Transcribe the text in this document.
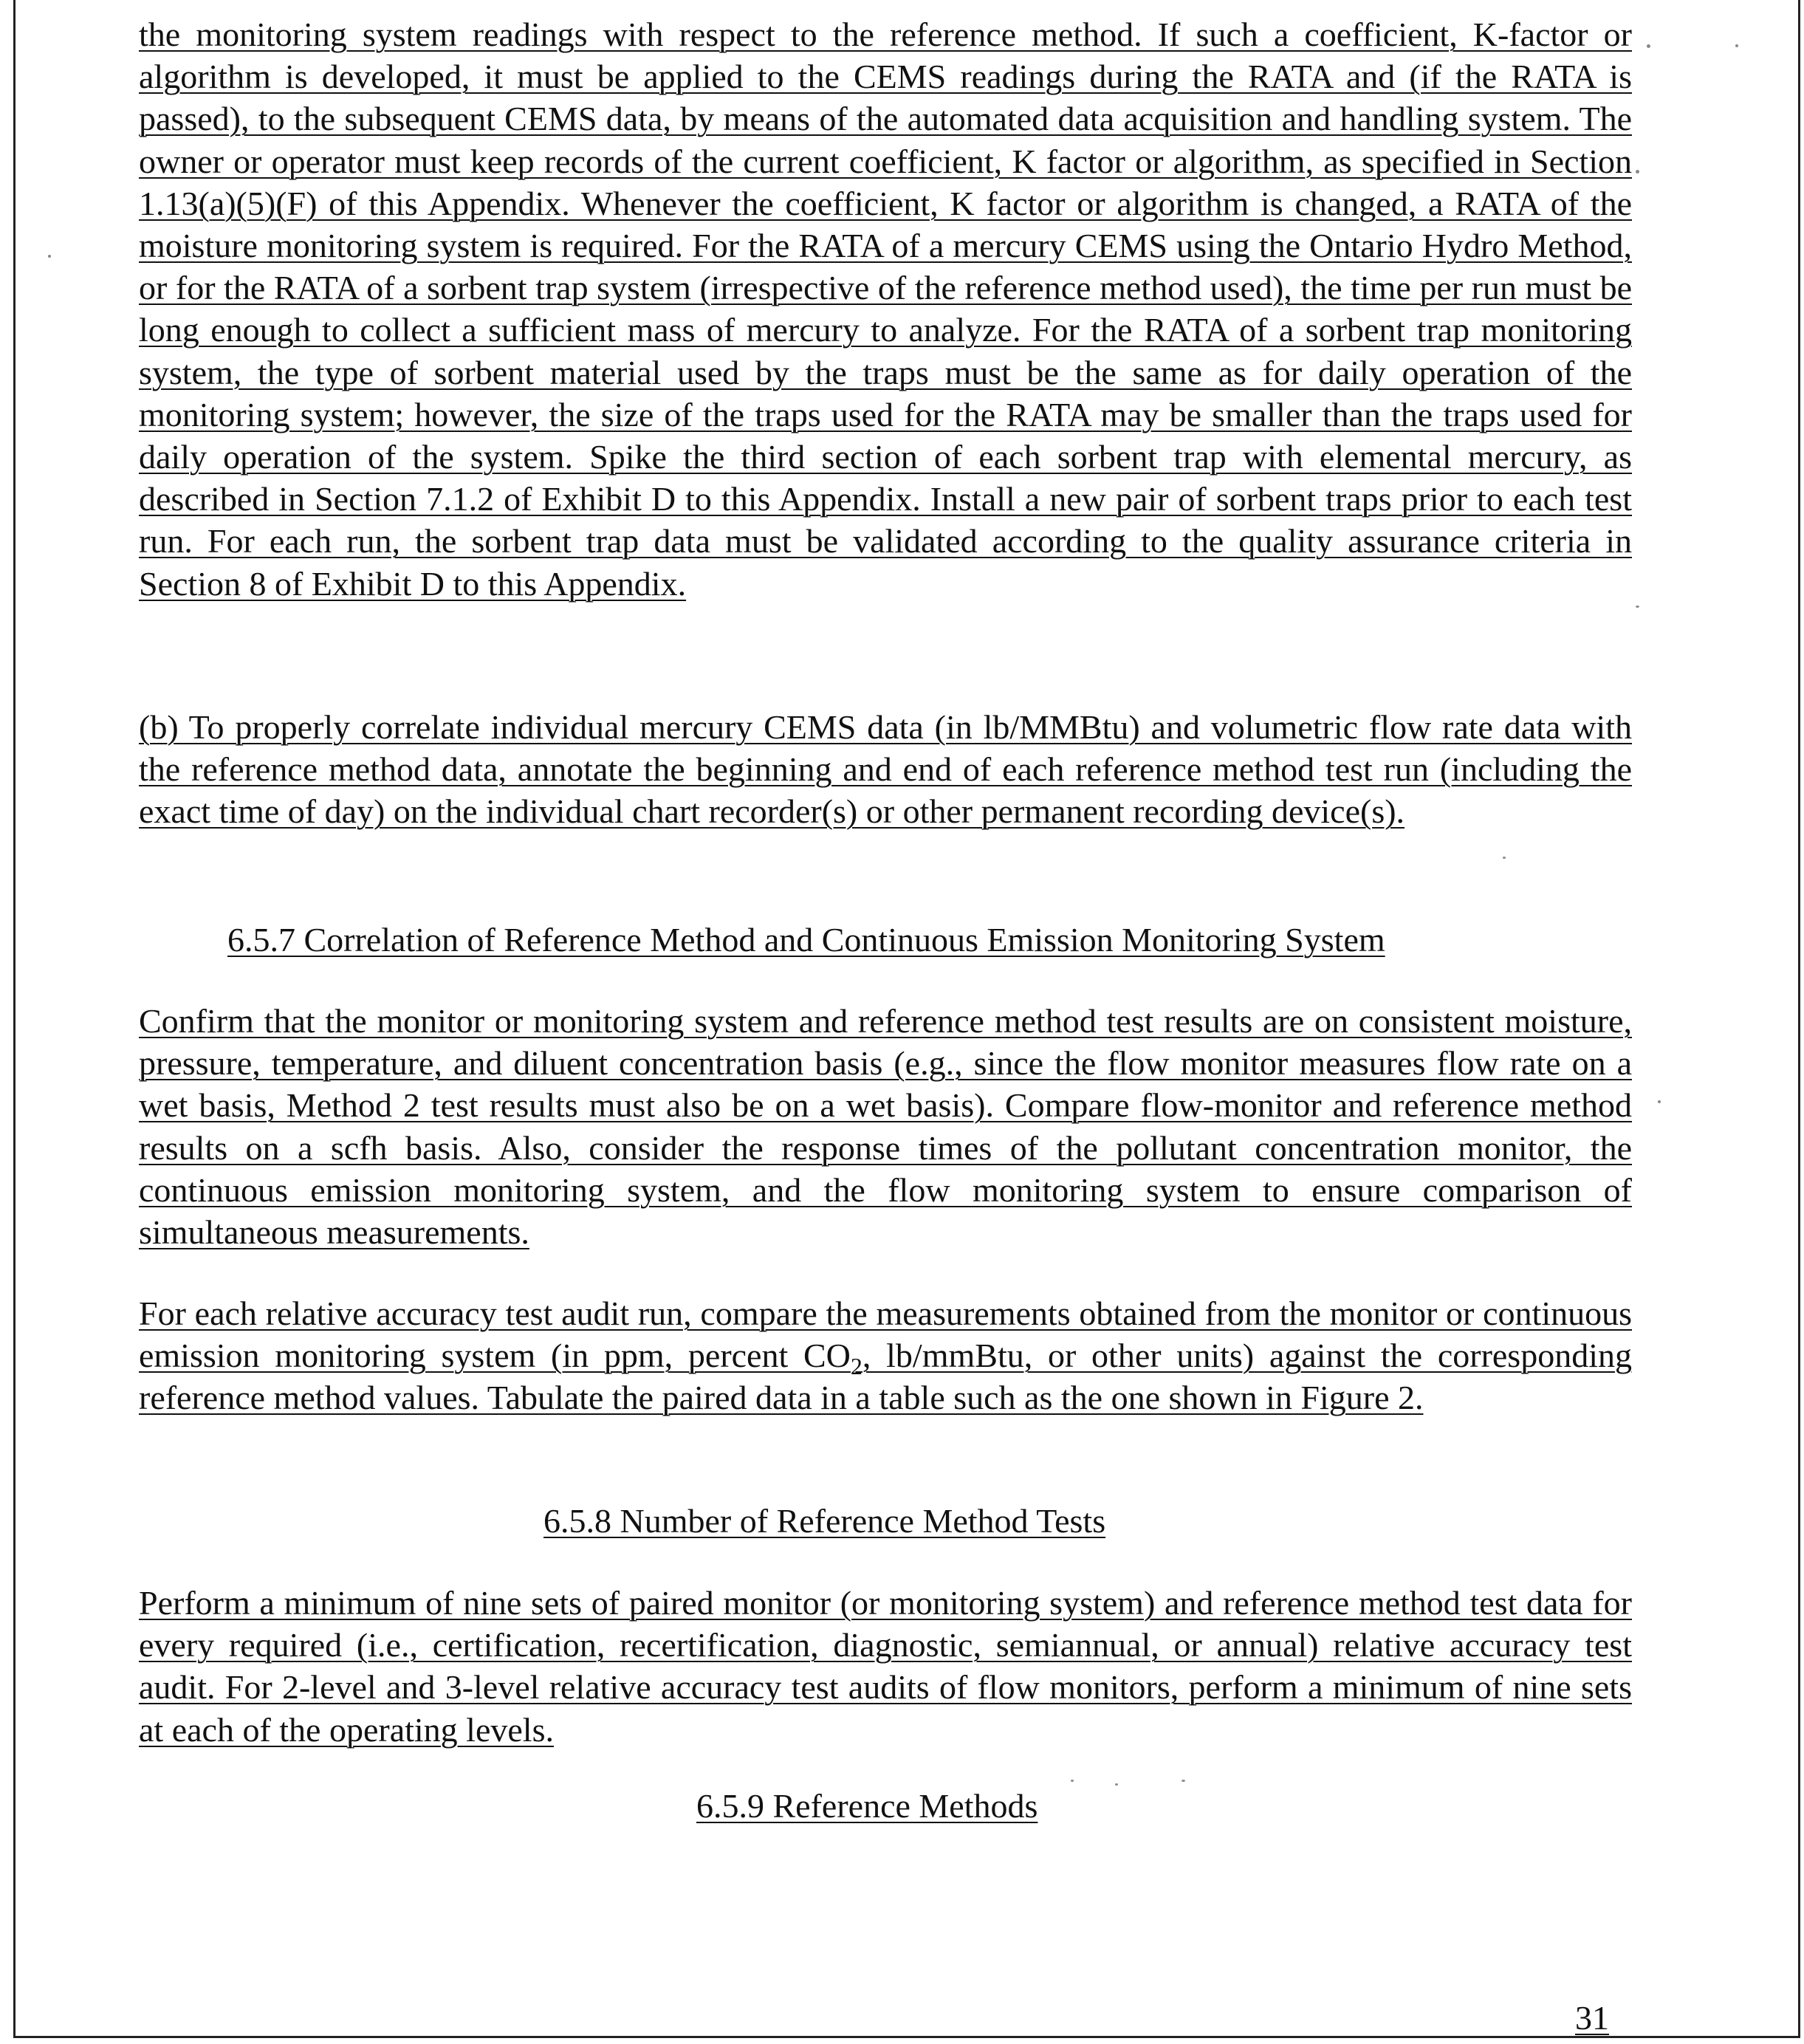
the monitoring system readings with respect to the reference method. If such a coefficient, K-factor or algorithm is developed, it must be applied to the CEMS readings during the RATA and (if the RATA is passed), to the subsequent CEMS data, by means of the automated data acquisition and handling system. The owner or operator must keep records of the current coefficient, K factor or algorithm, as specified in Section 1.13(a)(5)(F) of this Appendix. Whenever the coefficient, K factor or algorithm is changed, a RATA of the moisture monitoring system is required. For the RATA of a mercury CEMS using the Ontario Hydro Method, or for the RATA of a sorbent trap system (irrespective of the reference method used), the time per run must be long enough to collect a sufficient mass of mercury to analyze. For the RATA of a sorbent trap monitoring system, the type of sorbent material used by the traps must be the same as for daily operation of the monitoring system; however, the size of the traps used for the RATA may be smaller than the traps used for daily operation of the system. Spike the third section of each sorbent trap with elemental mercury, as described in Section 7.1.2 of Exhibit D to this Appendix. Install a new pair of sorbent traps prior to each test run. For each run, the sorbent trap data must be validated according to the quality assurance criteria in Section 8 of Exhibit D to this Appendix.

(b) To properly correlate individual mercury CEMS data (in lb/MMBtu) and volumetric flow rate data with the reference method data, annotate the beginning and end of each reference method test run (including the exact time of day) on the individual chart recorder(s) or other permanent recording device(s).

6.5.7 Correlation of Reference Method and Continuous Emission Monitoring System

Confirm that the monitor or monitoring system and reference method test results are on consistent moisture, pressure, temperature, and diluent concentration basis (e.g., since the flow monitor measures flow rate on a wet basis, Method 2 test results must also be on a wet basis). Compare flow-monitor and reference method results on a scfh basis. Also, consider the response times of the pollutant concentration monitor, the continuous emission monitoring system, and the flow monitoring system to ensure comparison of simultaneous measurements.

For each relative accuracy test audit run, compare the measurements obtained from the monitor or continuous emission monitoring system (in ppm, percent $CO_2$, lb/mmBtu, or other units) against the corresponding reference method values. Tabulate the paired data in a table such as the one shown in Figure 2.

6.5.8 Number of Reference Method Tests

Perform a minimum of nine sets of paired monitor (or monitoring system) and reference method test data for every required (i.e., certification, recertification, diagnostic, semiannual, or annual) relative accuracy test audit. For 2-level and 3-level relative accuracy test audits of flow monitors, perform a minimum of nine sets at each of the operating levels.

6.5.9 Reference Methods

31
